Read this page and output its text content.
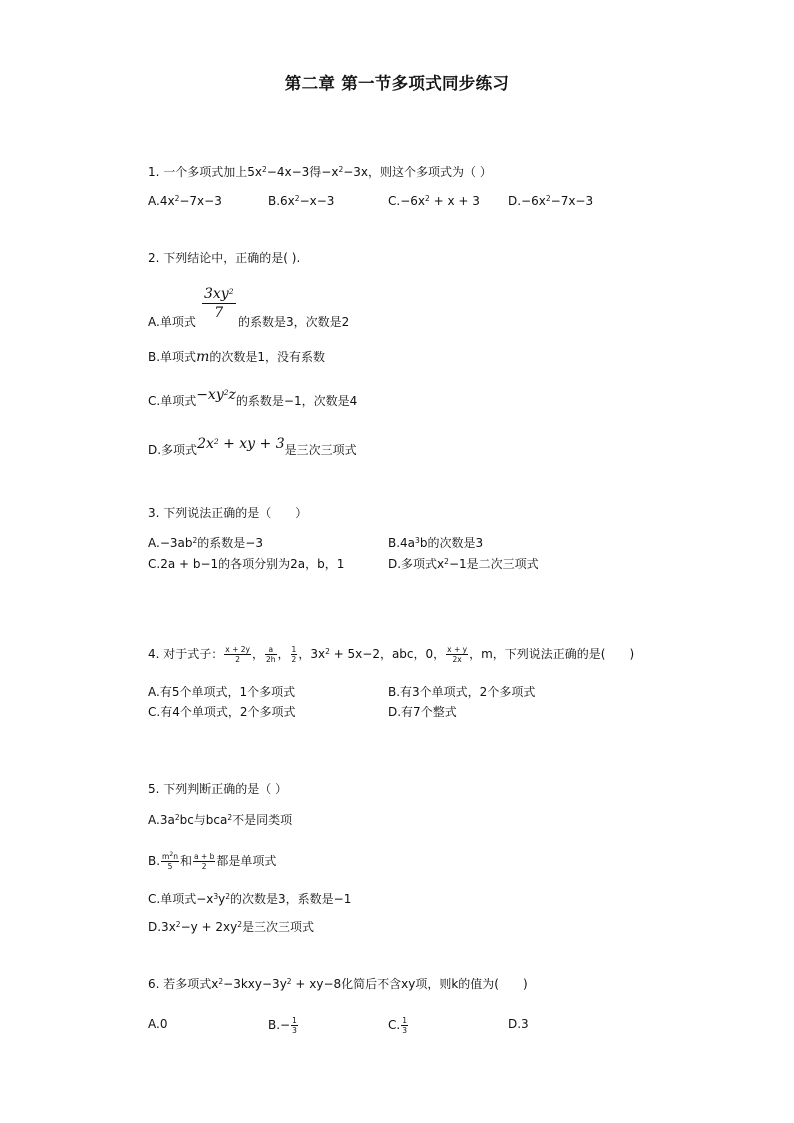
第二章 第一节多项式同步练习
1. 一个多项式加上$5x^2-4x-3$得$-x^2-3x$，则这个多项式为（ ）
$A.4x^2-7x-3$	$B.6x^2-x-3$	$C.-6x^2 + x + 3$ $D.-6x^2-7x-3$
2. 下列结论中，正确的是( ).
A.单项式
$\frac{3xy^2}{7}$
的系数是3，次数是2
B.单项式m的次数是1，没有系数
C.单项式$-xy^2z$的系数是−1，次数是4
D.多项式$2x^2$ + xy + 3是三次三项式
3. 下列说法正确的是（　　）
$A.-3ab^2$的系数是−3	$B.4a^3b$的次数是3
C.2a + b−1的各项分别为2a，b，1	D.多项式$x^2-1$是二次三项式
4. 对于式子： $\frac{x + 2y}{2}$ ， $\frac{a}{2h}$ ， $\frac{1}{2}$ ，$3x^2 + 5x-2$，abc，0， $\frac{x + y}{2x}$ ，m，下列说法正确的是(　　)
A.有5个单项式，1个多项式	B.有3个单项式，2个多项式
C.有4个单项式，2个多项式	D.有7个整式
5. 下列判断正确的是（ ）
$A.3a^2bc$与bca$^2$不是同类项
B. $\frac{m^2n}{5}$ 和 $\frac{a + b}{2}$ 都是单项式
C.单项式$-x^3y^2$的次数是3，系数是−1
$D.3x^2-y + 2xy^2$是三次三项式
6. 若多项式$x^2-3kxy-3y^2 + xy-8$化简后不含xy项，则k的值为(　　)
A.0	$B.- \frac{1}{3}$	C. $\frac{1}{3}$	D.3
